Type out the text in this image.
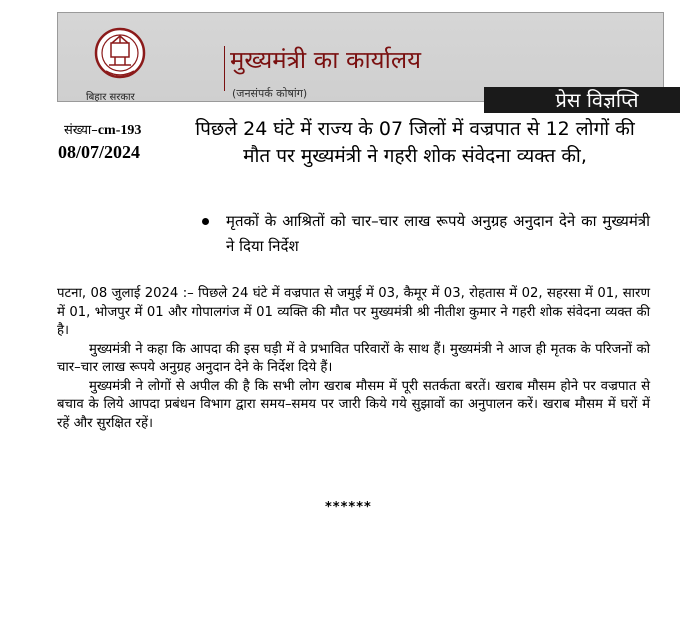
बिहार सरकार
मुख्यमंत्री का कार्यालय
(जनसंपर्क कोषांग)	प्रेस विज्ञप्ति
संख्या–cm-193
08/07/2024
पिछले 24 घंटे में राज्य के 07 जिलों में वज्रपात से 12 लोगों की मौत पर मुख्यमंत्री ने गहरी शोक संवेदना व्यक्त की,
मृतकों के आश्रितों को चार–चार लाख रूपये अनुग्रह अनुदान देने का मुख्यमंत्री ने दिया निर्देश

पटना, 08 जुलाई 2024 :– पिछले 24 घंटे में वज्रपात से जमुई में 03, कैमूर में 03, रोहतास में 02, सहरसा में 01, सारण में 01, भोजपुर में 01 और गोपालगंज में 01 व्यक्ति की मौत पर मुख्यमंत्री श्री नीतीश कुमार ने गहरी शोक संवेदना व्यक्त की है।

मुख्यमंत्री ने कहा कि आपदा की इस घड़ी में वे प्रभावित परिवारों के साथ हैं। मुख्यमंत्री ने आज ही मृतक के परिजनों को चार–चार लाख रूपये अनुग्रह अनुदान देने के निर्देश दिये हैं।

मुख्यमंत्री ने लोगों से अपील की है कि सभी लोग खराब मौसम में पूरी सतर्कता बरतें। खराब मौसम होने पर वज्रपात से बचाव के लिये आपदा प्रबंधन विभाग द्वारा समय–समय पर जारी किये गये सुझावों का अनुपालन करें। खराब मौसम में घरों में रहें और सुरक्षित रहें।

******
